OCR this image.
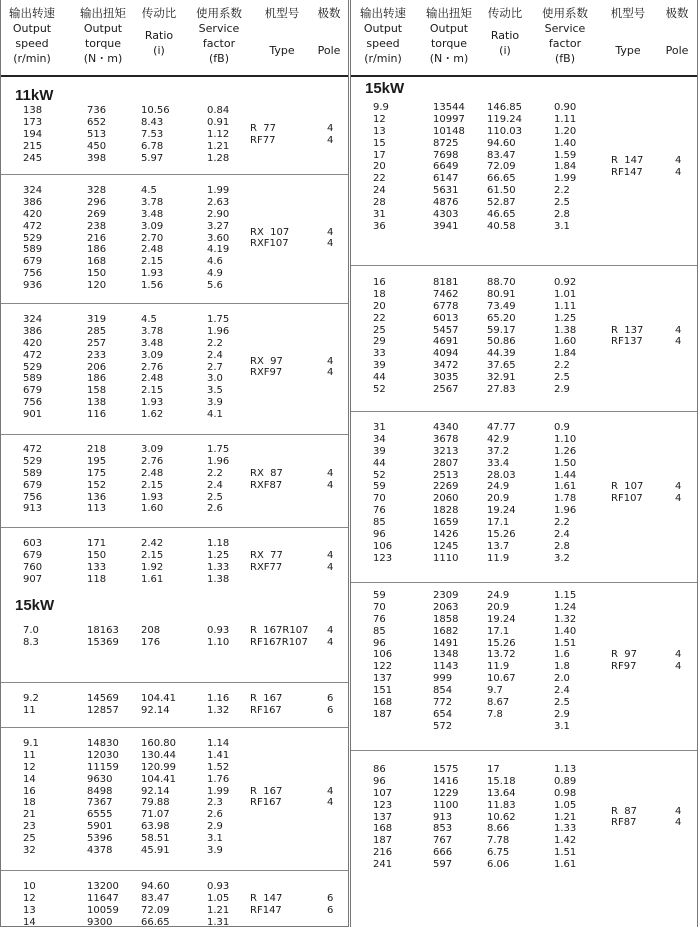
输出转速
Output
speed
(r/min)
输出扭矩
Output
torque
(N・m)
传动比
Ratio
(i)
使用系数
Service
factor
(fB)
机型号
Type
极数
Pole
11kW
138
173
194
215
245
736
652
513
450
398
10.56
8.43
7.53
6.78
5.97
0.84
0.91
1.12
1.21
1.28
R  77
RF77
4
4
324
386
420
472
529
589
679
756
936
328
296
269
238
216
186
168
150
120
4.5
3.78
3.48
3.09
2.70
2.48
2.15
1.93
1.56
1.99
2.63
2.90
3.27
3.60
4.19
4.6
4.9
5.6
RX  107
RXF107
4
4
324
386
420
472
529
589
679
756
901
319
285
257
233
206
186
158
138
116
4.5
3.78
3.48
3.09
2.76
2.48
2.15
1.93
1.62
1.75
1.96
2.2
2.4
2.7
3.0
3.5
3.9
4.1
RX  97
RXF97
4
4
472
529
589
679
756
913
218
195
175
152
136
113
3.09
2.76
2.48
2.15
1.93
1.60
1.75
1.96
2.2
2.4
2.5
2.6
RX  87
RXF87
4
4
603
679
760
907
171
150
133
118
2.42
2.15
1.92
1.61
1.18
1.25
1.33
1.38
RX  77
RXF77
4
4
15kW
7.0
8.3
18163
15369
208
176
0.93
1.10
R  167R107
RF167R107
4
4
9.2
11
14569
12857
104.41
92.14
1.16
1.32
R  167
RF167
6
6
9.1
11
12
14
16
18
21
23
25
32
14830
12030
11159
9630
8498
7367
6555
5901
5396
4378
160.80
130.44
120.99
104.41
92.14
79.88
71.07
63.98
58.51
45.91
1.14
1.41
1.52
1.76
1.99
2.3
2.6
2.9
3.1
3.9
R  167
RF167
4
4
10
12
13
14
13200
11647
10059
9300
94.60
83.47
72.09
66.65
0.93
1.05
1.21
1.31
R  147
RF147
6
6
输出转速
Output
speed
(r/min)
输出扭矩
Output
torque
(N・m)
传动比
Ratio
(i)
使用系数
Service
factor
(fB)
机型号
Type
极数
Pole
15kW
9.9
12
13
15
17
20
22
24
28
31
36
13544
10997
10148
8725
7698
6649
6147
5631
4876
4303
3941
146.85
119.24
110.03
94.60
83.47
72.09
66.65
61.50
52.87
46.65
40.58
0.90
1.11
1.20
1.40
1.59
1.84
1.99
2.2
2.5
2.8
3.1
R  147
RF147
4
4
16
18
20
22
25
29
33
39
44
52
8181
7462
6778
6013
5457
4691
4094
3472
3035
2567
88.70
80.91
73.49
65.20
59.17
50.86
44.39
37.65
32.91
27.83
0.92
1.01
1.11
1.25
1.38
1.60
1.84
2.2
2.5
2.9
R  137
RF137
4
4
31
34
39
44
52
59
70
76
85
96
106
123
4340
3678
3213
2807
2513
2269
2060
1828
1659
1426
1245
1110
47.77
42.9
37.2
33.4
28.03
24.9
20.9
19.24
17.1
15.26
13.7
11.9
0.9
1.10
1.26
1.50
1.44
1.61
1.78
1.96
2.2
2.4
2.8
3.2
R  107
RF107
4
4
59
70
76
85
96
106
122
137
151
168
187
2309
2063
1858
1682
1491
1348
1143
999
854
772
654
572
24.9
20.9
19.24
17.1
15.26
13.72
11.9
10.67
9.7
8.67
7.8
1.15
1.24
1.32
1.40
1.51
1.6
1.8
2.0
2.4
2.5
2.9
3.1
R  97
RF97
4
4
86
96
107
123
137
168
187
216
241
1575
1416
1229
1100
913
853
767
666
597
17
15.18
13.64
11.83
10.62
8.66
7.78
6.75
6.06
1.13
0.89
0.98
1.05
1.21
1.33
1.42
1.51
1.61
R  87
RF87
4
4
